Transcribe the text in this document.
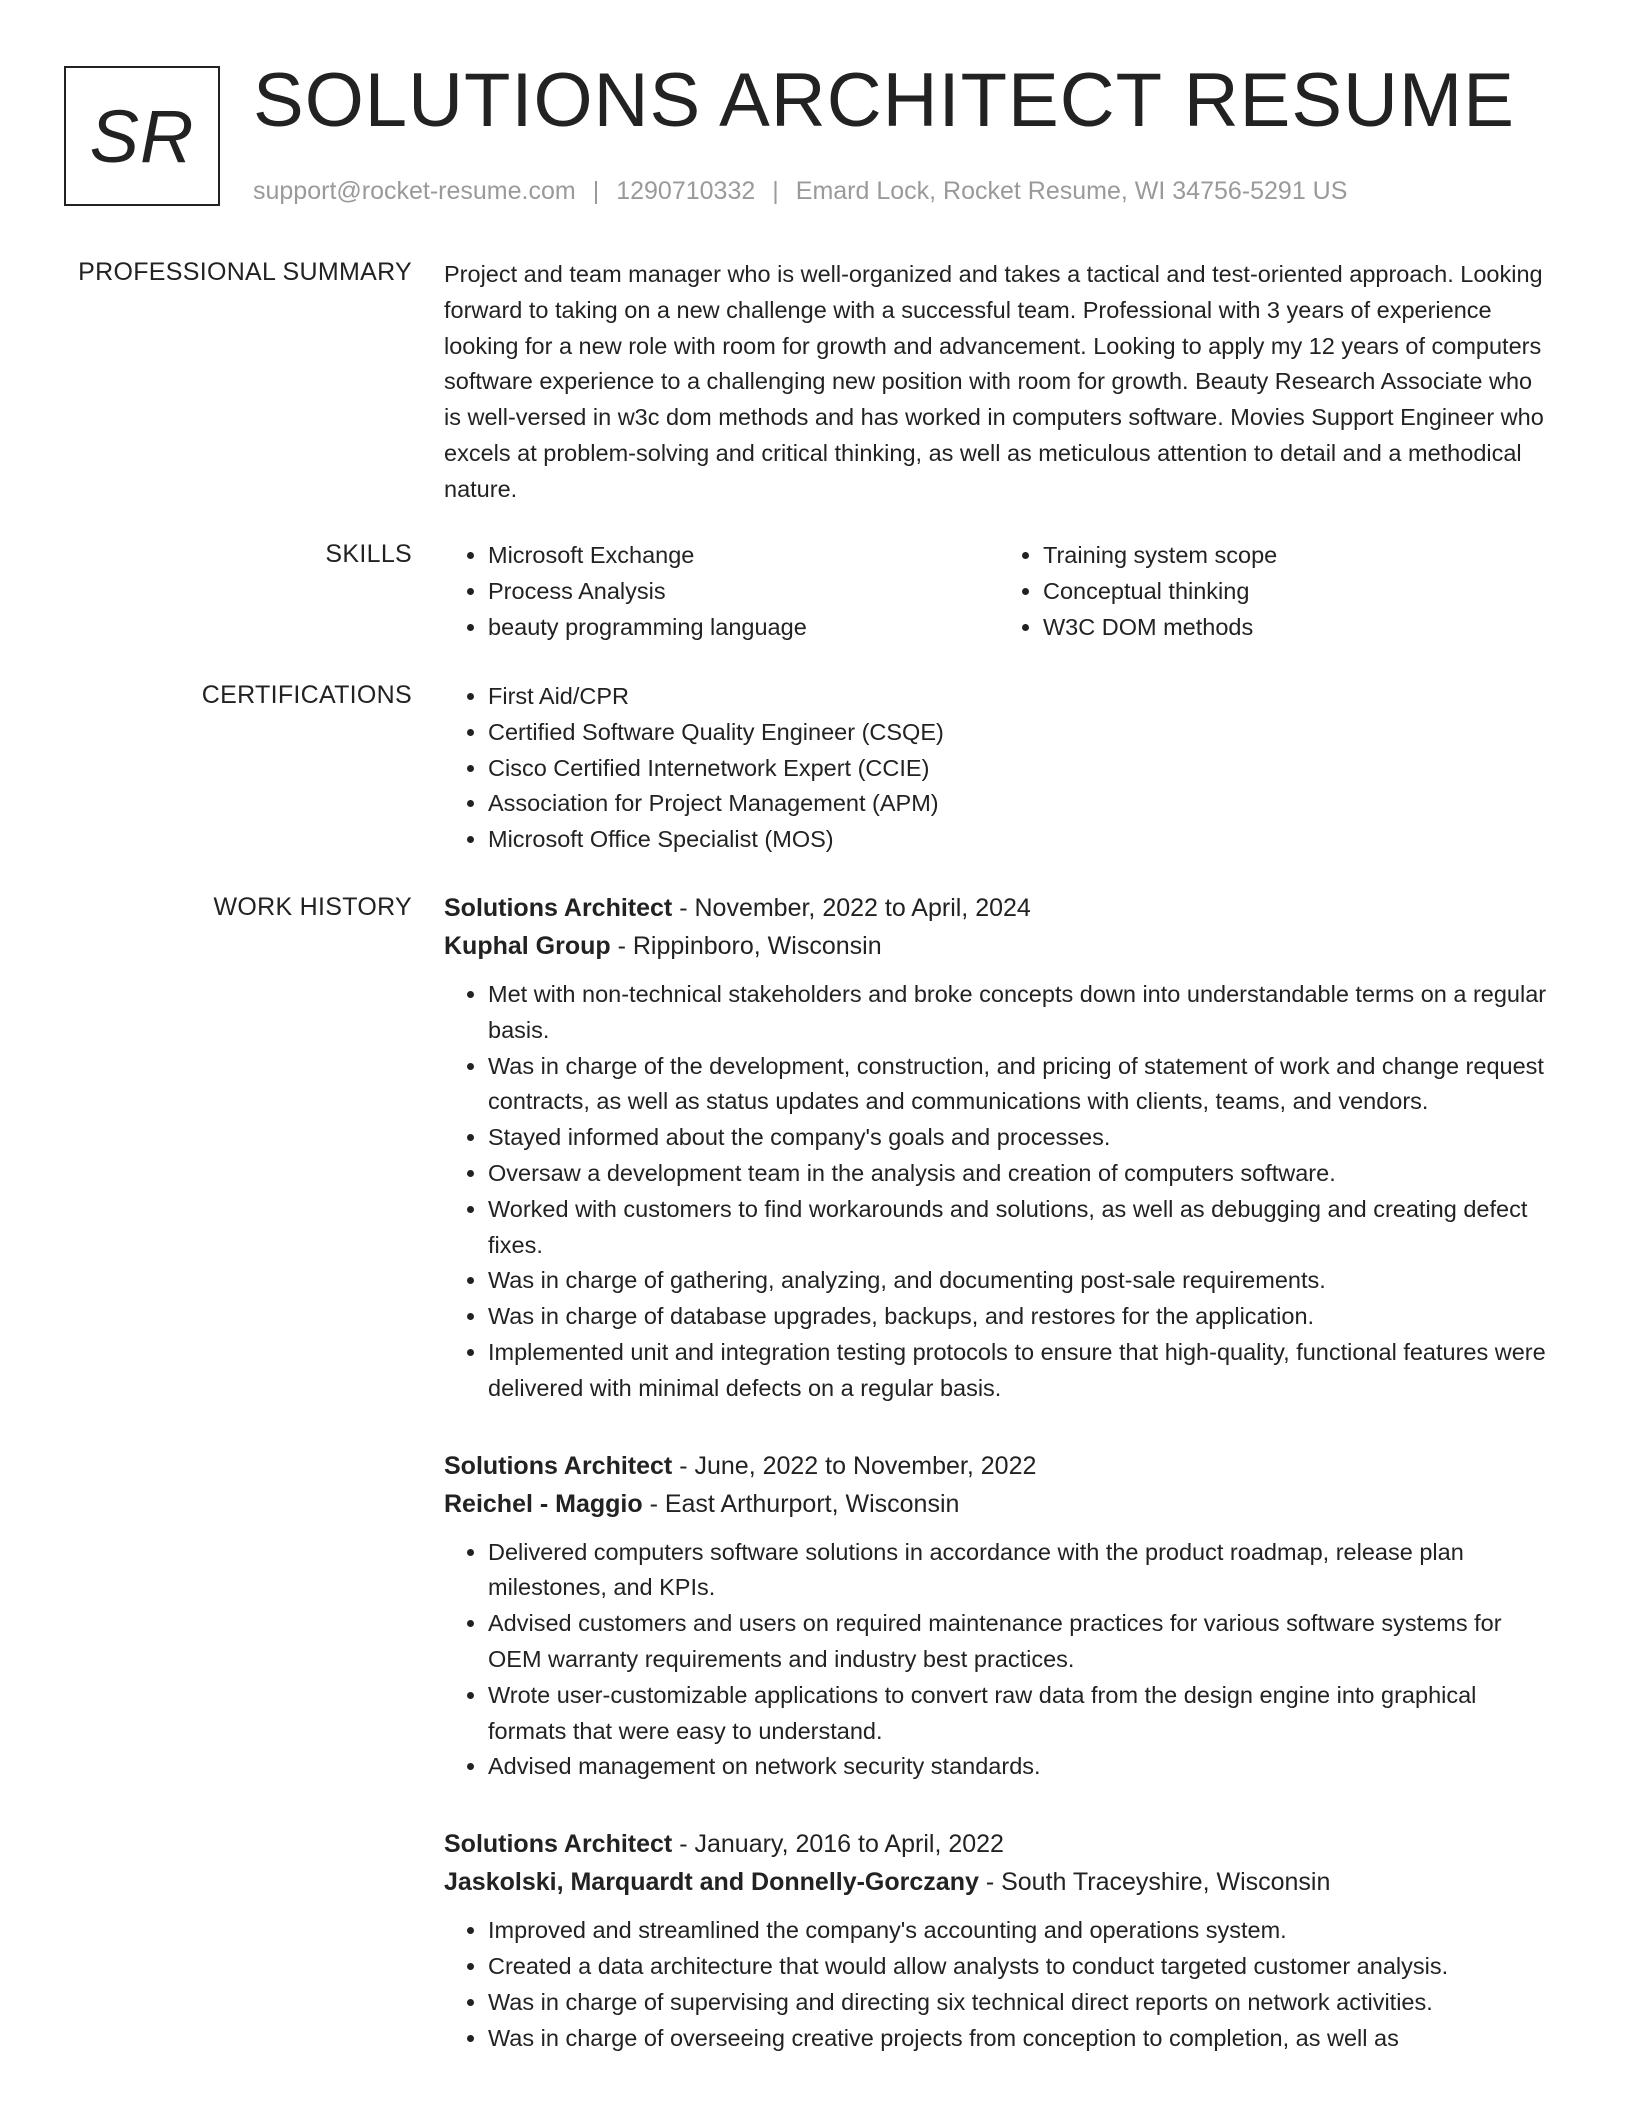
SR SOLUTIONS ARCHITECT RESUME
support@rocket-resume.com | 1290710332 | Emard Lock, Rocket Resume, WI 34756-5291 US
PROFESSIONAL SUMMARY Project and team manager who is well-organized and takes a tactical and test-oriented approach. Looking forward to taking on a new challenge with a successful team. Professional with 3 years of experience looking for a new role with room for growth and advancement. Looking to apply my 12 years of computers software experience to a challenging new position with room for growth. Beauty Research Associate who is well-versed in w3c dom methods and has worked in computers software. Movies Support Engineer who excels at problem-solving and critical thinking, as well as meticulous attention to detail and a methodical nature.
SKILLS	• Microsoft Exchange
• Process Analysis
• beauty programming language
• Training system scope
• Conceptual thinking
• W3C DOM methods
CERTIFICATIONS	• First Aid/CPR
• Certified Software Quality Engineer (CSQE)
• Cisco Certified Internetwork Expert (CCIE)
• Association for Project Management (APM)
• Microsoft Office Specialist (MOS)
WORK HISTORY Solutions Architect - November, 2022 to April, 2024
Kuphal Group - Rippinboro, Wisconsin
• Met with non-technical stakeholders and broke concepts down into understandable terms on a regular basis.
• Was in charge of the development, construction, and pricing of statement of work and change request contracts, as well as status updates and communications with clients, teams, and vendors.
• Stayed informed about the company's goals and processes.
• Oversaw a development team in the analysis and creation of computers software.
• Worked with customers to find workarounds and solutions, as well as debugging and creating defect fixes.
• Was in charge of gathering, analyzing, and documenting post-sale requirements.
• Was in charge of database upgrades, backups, and restores for the application.
• Implemented unit and integration testing protocols to ensure that high-quality, functional features were delivered with minimal defects on a regular basis.
Solutions Architect - June, 2022 to November, 2022
Reichel - Maggio - East Arthurport, Wisconsin
• Delivered computers software solutions in accordance with the product roadmap, release plan milestones, and KPIs.
• Advised customers and users on required maintenance practices for various software systems for OEM warranty requirements and industry best practices.
• Wrote user-customizable applications to convert raw data from the design engine into graphical formats that were easy to understand.
• Advised management on network security standards.
Solutions Architect - January, 2016 to April, 2022
Jaskolski, Marquardt and Donnelly-Gorczany - South Traceyshire, Wisconsin
• Improved and streamlined the company's accounting and operations system.
• Created a data architecture that would allow analysts to conduct targeted customer analysis.
• Was in charge of supervising and directing six technical direct reports on network activities.
• Was in charge of overseeing creative projects from conception to completion, as well as
